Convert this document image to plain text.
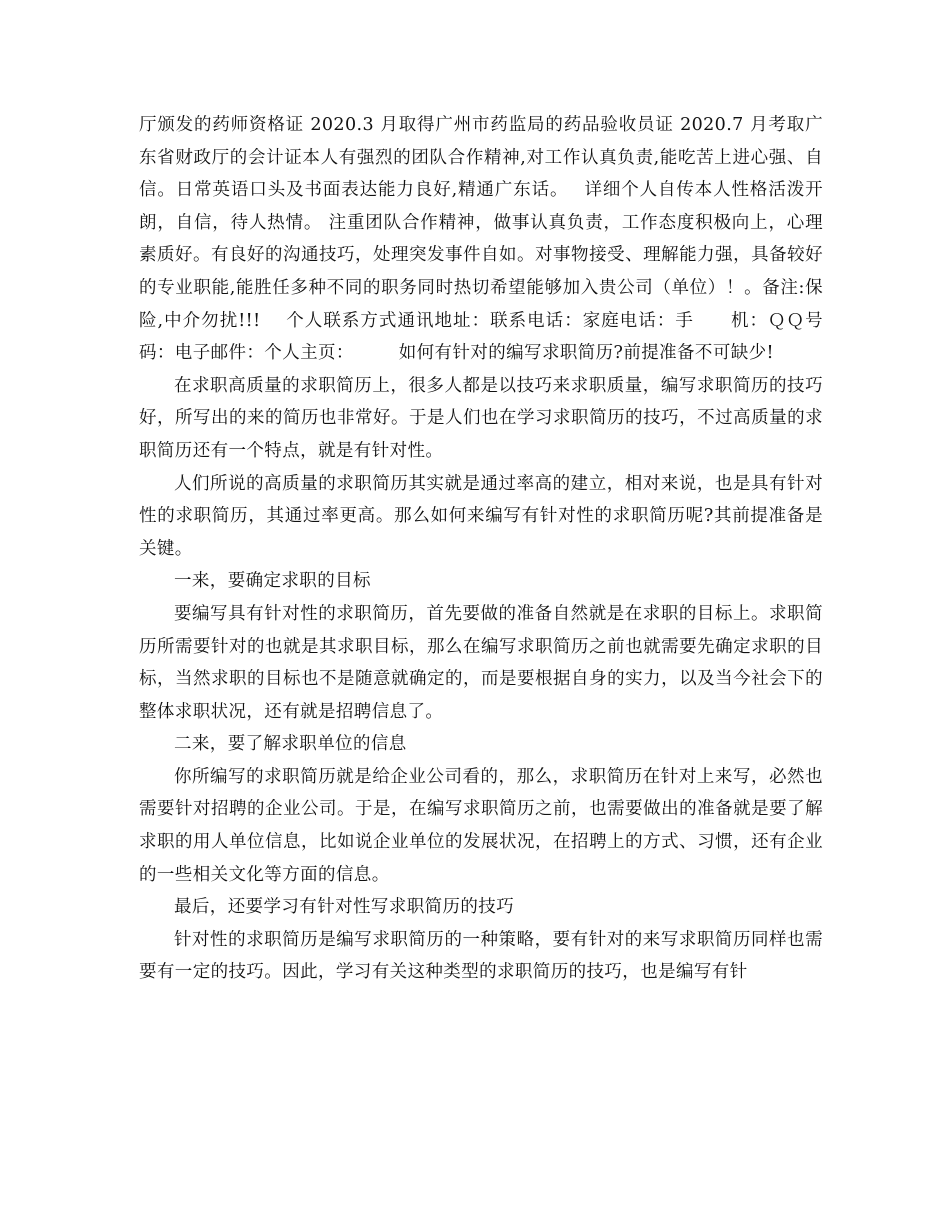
厅颁发的药师资格证 2020.3 月取得广州市药监局的药品验收员证 2020.7 月考取广东省财政厅的会计证本人有强烈的团队合作精神,对工作认真负责,能吃苦上进心强、自信。日常英语口头及书面表达能力良好,精通广东话。　 详细个人自传本人性格活泼开朗，自信，待人热情。 注重团队合作精神，做事认真负责，工作态度积极向上，心理素质好。有良好的沟通技巧，处理突发事件自如。对事物接受、理解能力强，具备较好的专业职能,能胜任多种不同的职务同时热切希望能够加入贵公司（单位）！。备注:保险,中介勿扰!!!　 个人联系方式通讯地址：联系电话：家庭电话：手　　机：ＱＱ号码：电子邮件：个人主页：　　　如何有针对的编写求职简历?前提准备不可缺少!

在求职高质量的求职简历上，很多人都是以技巧来求职质量，编写求职简历的技巧好，所写出的来的简历也非常好。于是人们也在学习求职简历的技巧，不过高质量的求职简历还有一个特点，就是有针对性。

人们所说的高质量的求职简历其实就是通过率高的建立，相对来说，也是具有针对性的求职简历，其通过率更高。那么如何来编写有针对性的求职简历呢?其前提准备是关键。

一来，要确定求职的目标

要编写具有针对性的求职简历，首先要做的准备自然就是在求职的目标上。求职简历所需要针对的也就是其求职目标，那么在编写求职简历之前也就需要先确定求职的目标，当然求职的目标也不是随意就确定的，而是要根据自身的实力，以及当今社会下的整体求职状况，还有就是招聘信息了。

二来，要了解求职单位的信息

你所编写的求职简历就是给企业公司看的，那么，求职简历在针对上来写，必然也需要针对招聘的企业公司。于是，在编写求职简历之前，也需要做出的准备就是要了解求职的用人单位信息，比如说企业单位的发展状况，在招聘上的方式、习惯，还有企业的一些相关文化等方面的信息。

最后，还要学习有针对性写求职简历的技巧

针对性的求职简历是编写求职简历的一种策略，要有针对的来写求职简历同样也需要有一定的技巧。因此，学习有关这种类型的求职简历的技巧，也是编写有针
